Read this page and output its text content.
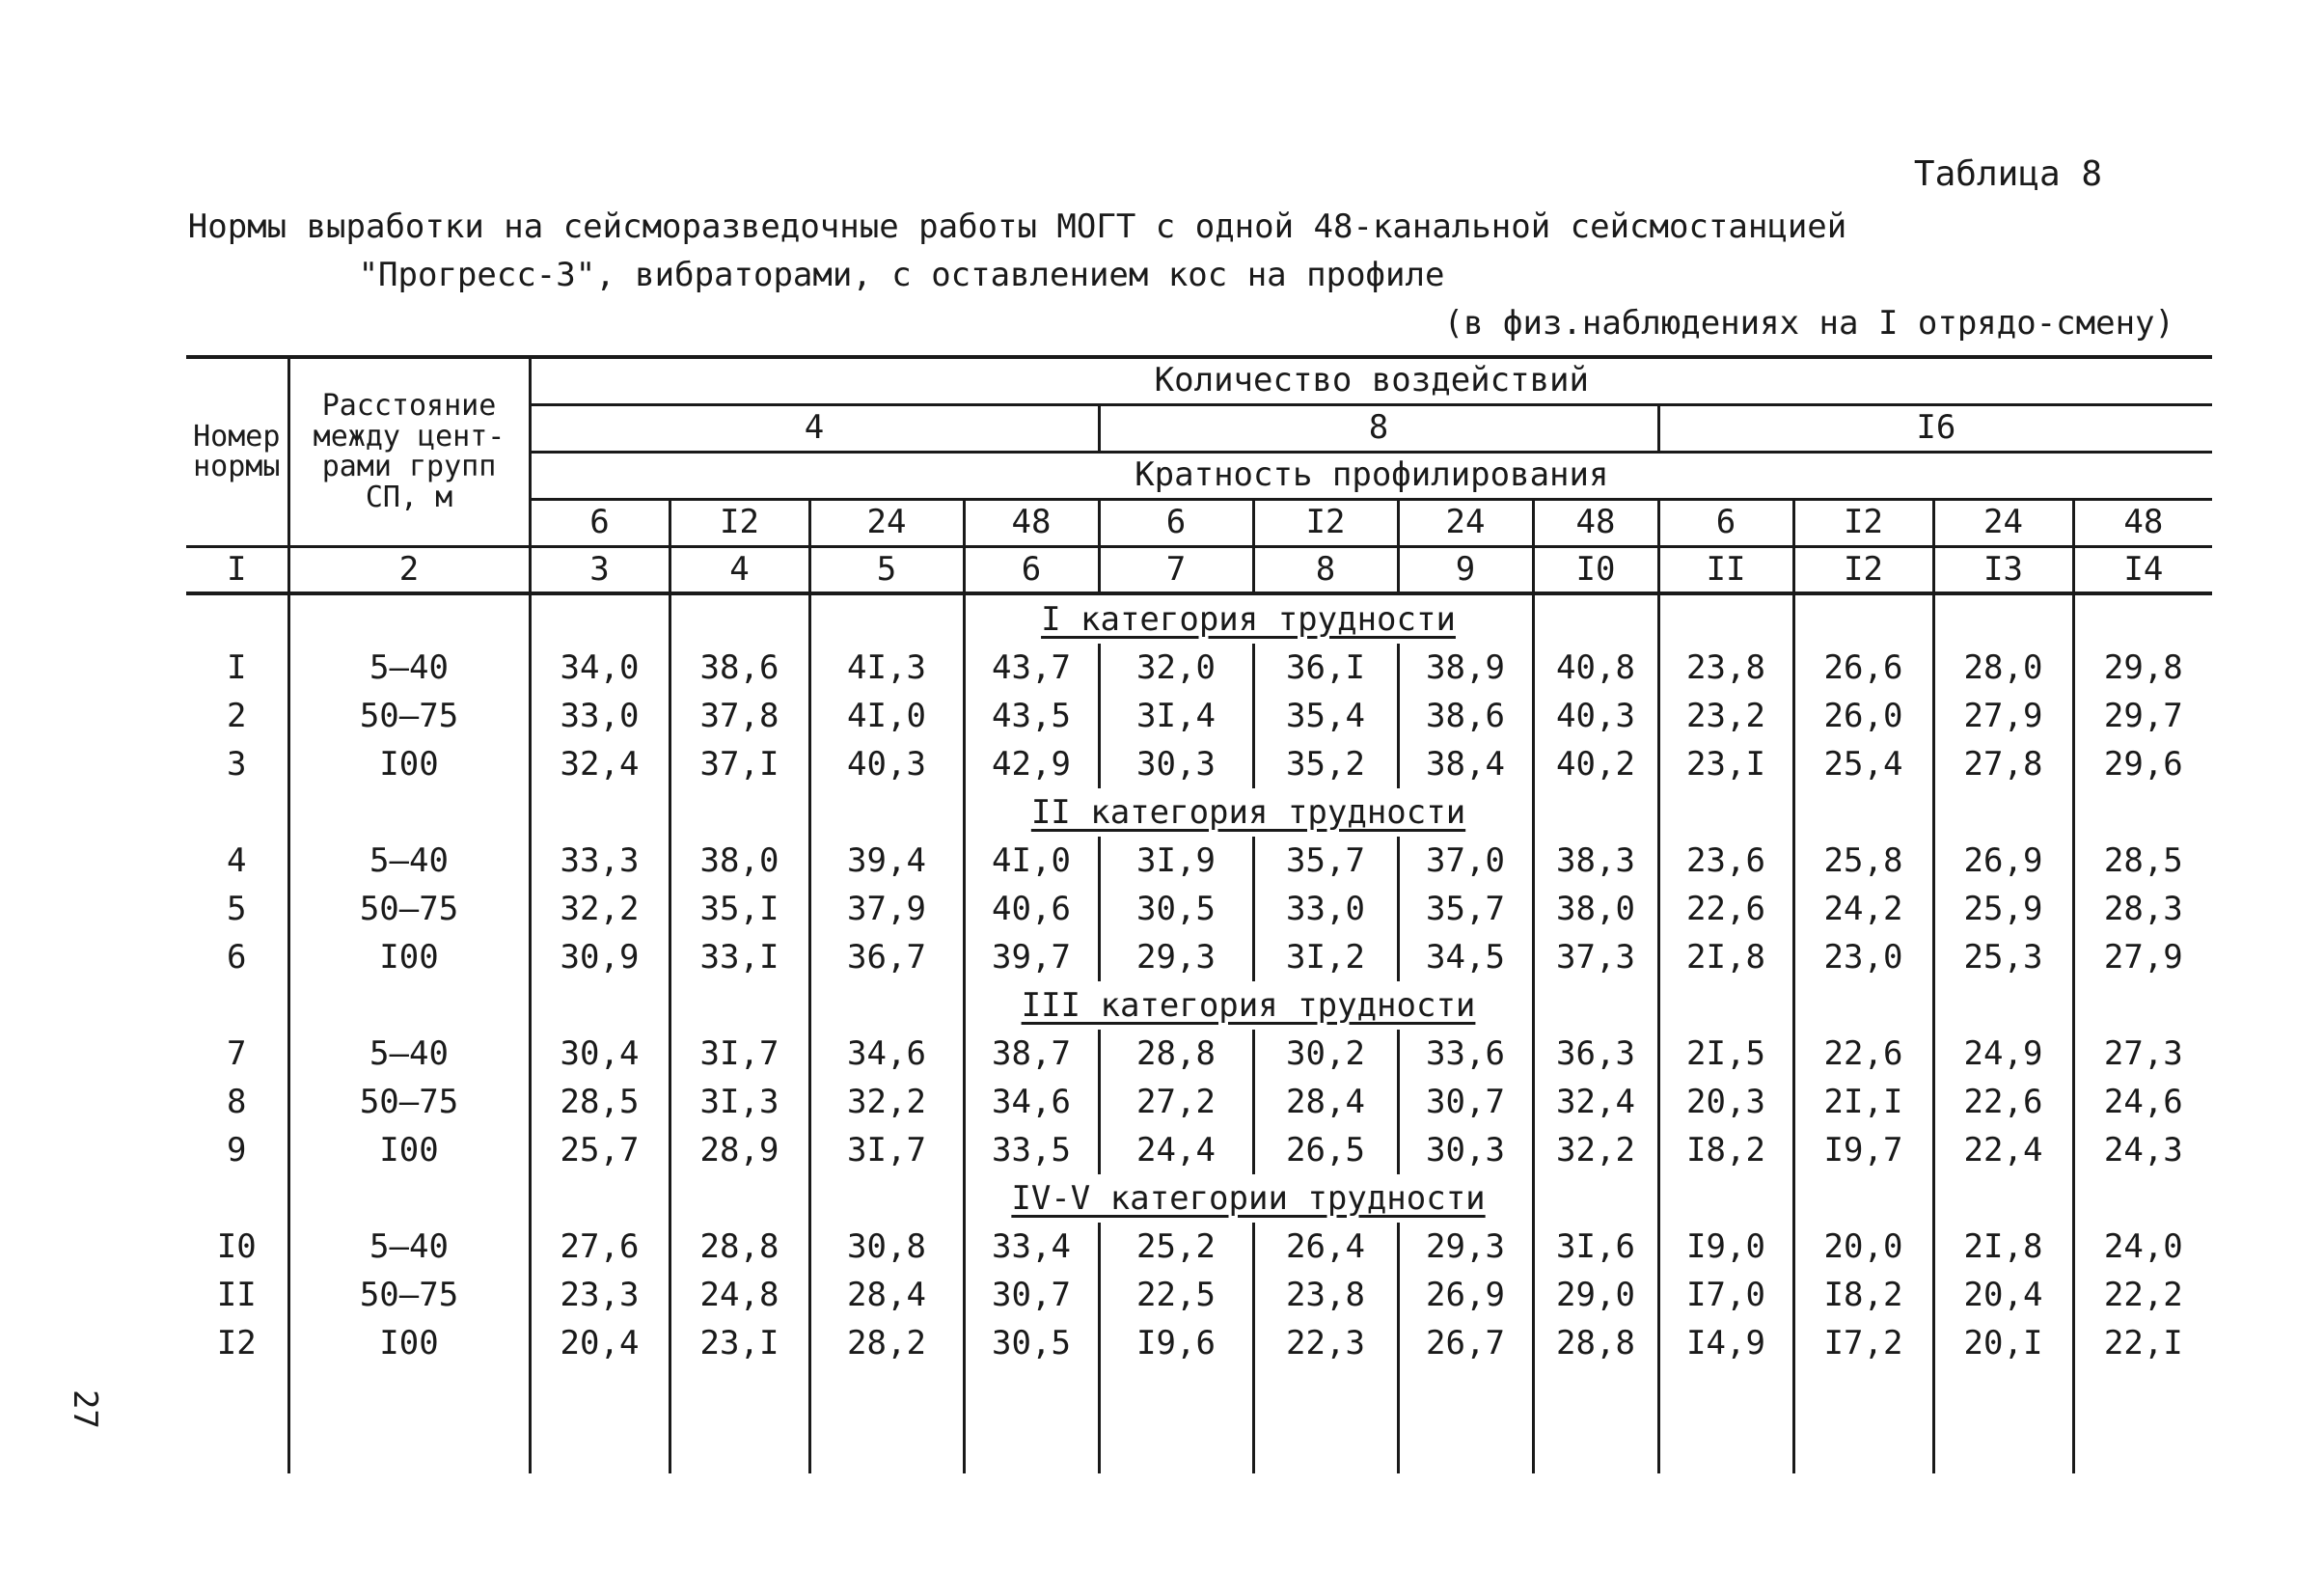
Таблица 8
Нормы выработки на сейсморазведочные работы МОГТ с одной 48-канальной сейсмостанцией
"Прогресс-3", вибраторами, с оставлением кос на профиле
(в физ.наблюдениях на I отрядо-смену)
27
Номер нормы	Расстояние между цент- рами групп СП, м	Количество воздействий											
		4				8				I6			
		Кратность профилирования											
		6	I2	24	48	6	I2	24	48	6	I2	24	48
I	2	3	4	5	6	7	8	9	I0	II	I2	I3	I4
					I категория трудности								
I	5–40	34,0	38,6	4I,3	43,7	32,0	36,I	38,9	40,8	23,8	26,6	28,0	29,8
2	50–75	33,0	37,8	4I,0	43,5	3I,4	35,4	38,6	40,3	23,2	26,0	27,9	29,7
3	I00	32,4	37,I	40,3	42,9	30,3	35,2	38,4	40,2	23,I	25,4	27,8	29,6
					II категория трудности								
4	5–40	33,3	38,0	39,4	4I,0	3I,9	35,7	37,0	38,3	23,6	25,8	26,9	28,5
5	50–75	32,2	35,I	37,9	40,6	30,5	33,0	35,7	38,0	22,6	24,2	25,9	28,3
6	I00	30,9	33,I	36,7	39,7	29,3	3I,2	34,5	37,3	2I,8	23,0	25,3	27,9
					III категория трудности								
7	5–40	30,4	3I,7	34,6	38,7	28,8	30,2	33,6	36,3	2I,5	22,6	24,9	27,3
8	50–75	28,5	3I,3	32,2	34,6	27,2	28,4	30,7	32,4	20,3	2I,I	22,6	24,6
9	I00	25,7	28,9	3I,7	33,5	24,4	26,5	30,3	32,2	I8,2	I9,7	22,4	24,3
					IV-V категории трудности								
I0	5–40	27,6	28,8	30,8	33,4	25,2	26,4	29,3	3I,6	I9,0	20,0	2I,8	24,0
II	50–75	23,3	24,8	28,4	30,7	22,5	23,8	26,9	29,0	I7,0	I8,2	20,4	22,2
I2	I00	20,4	23,I	28,2	30,5	I9,6	22,3	26,7	28,8	I4,9	I7,2	20,I	22,I
